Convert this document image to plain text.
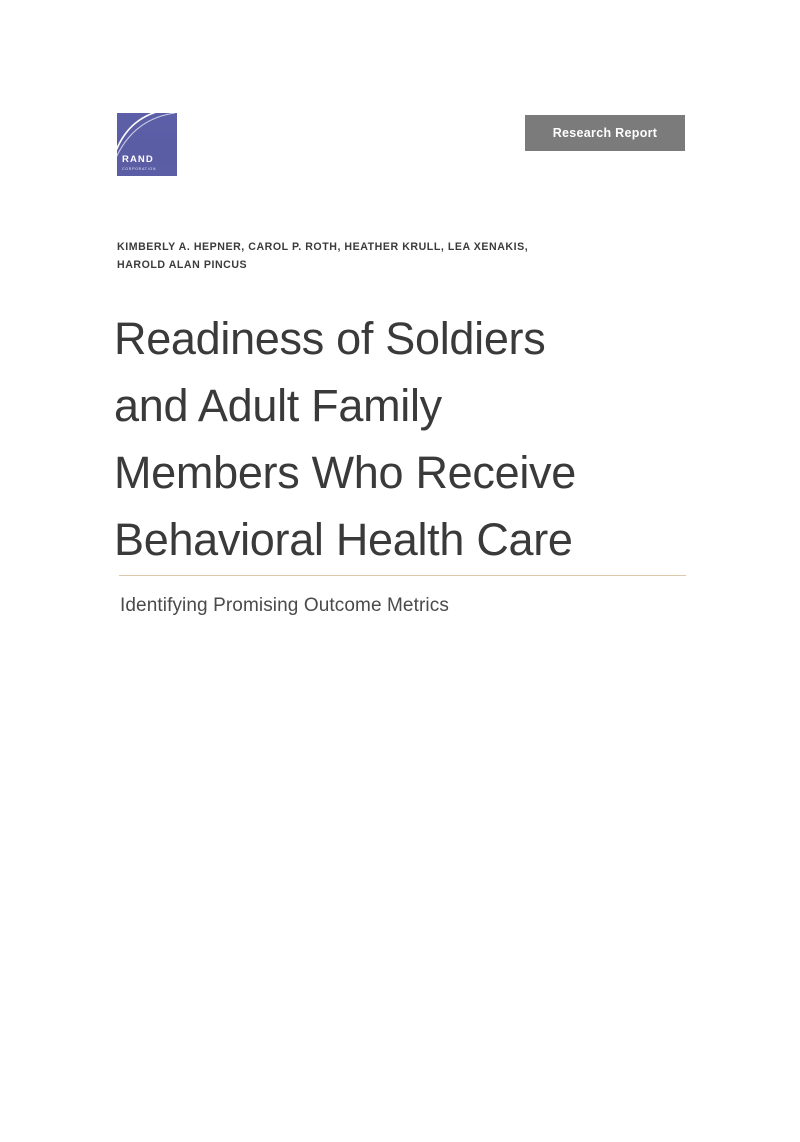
RAND
CORPORATION
Research Report
KIMBERLY A. HEPNER, CAROL P. ROTH, HEATHER KRULL, LEA XENAKIS,
HAROLD ALAN PINCUS
Readiness of Soldiers
and Adult Family
Members Who Receive
Behavioral Health Care
Identifying Promising Outcome Metrics
